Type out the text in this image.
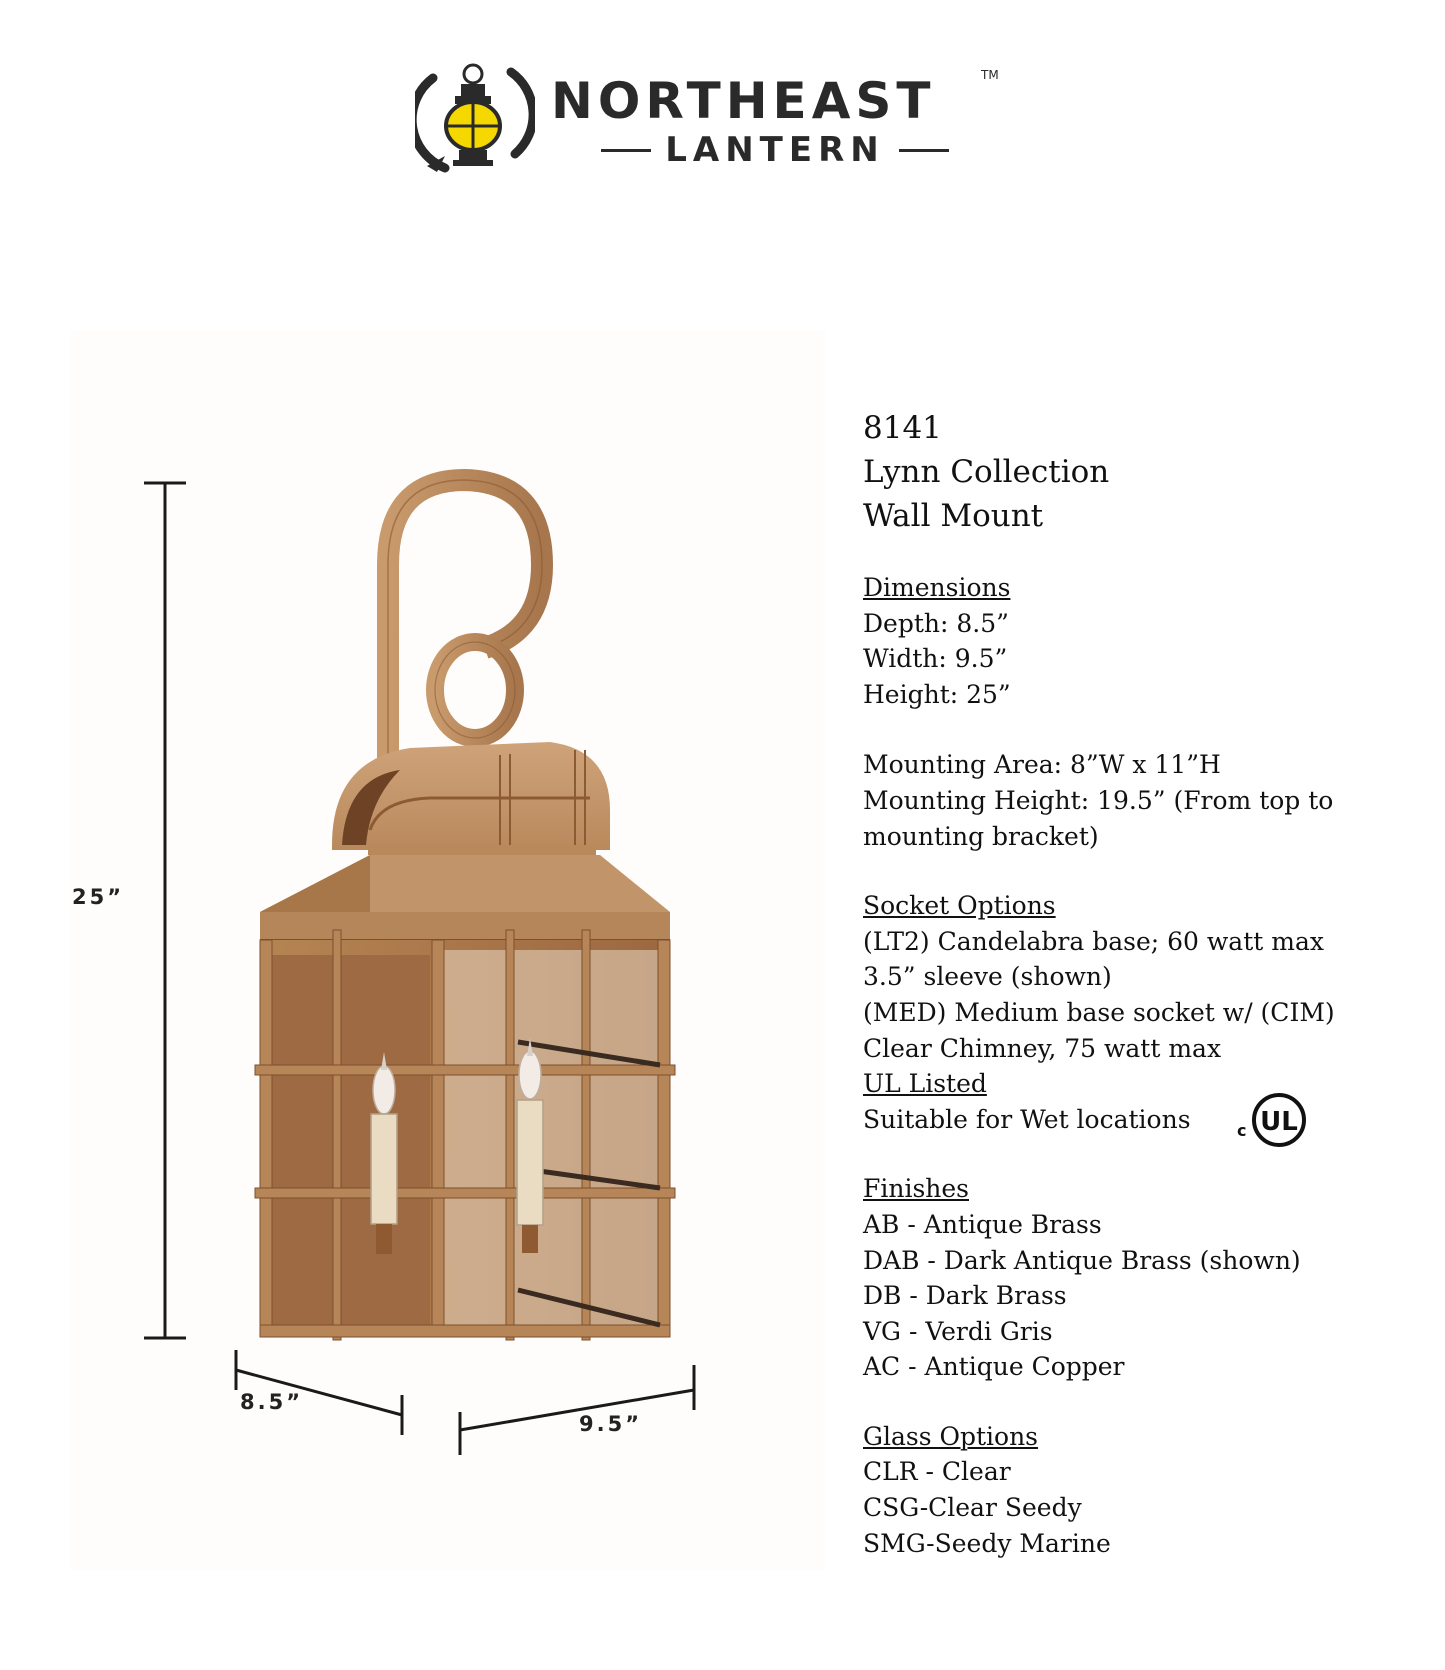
NORTHEAST	TM
LANTERN
25”
8.5”
9.5”

8141

Lynn Collection

Wall Mount

Dimensions

Depth: 8.5”

Width: 9.5”

Height: 25”

Mounting Area: 8”W x 11”H

Mounting Height: 19.5” (From top to

mounting bracket)

Socket Options

(LT2) Candelabra base; 60 watt max

3.5” sleeve (shown)

(MED) Medium base socket w/ (CIM)

Clear Chimney, 75 watt max

UL Listed

Suitable for Wet locations	c UL

Finishes

AB - Antique Brass

DAB - Dark Antique Brass (shown)

DB - Dark Brass

VG - Verdi Gris

AC - Antique Copper

Glass Options

CLR - Clear

CSG-Clear Seedy

SMG-Seedy Marine
